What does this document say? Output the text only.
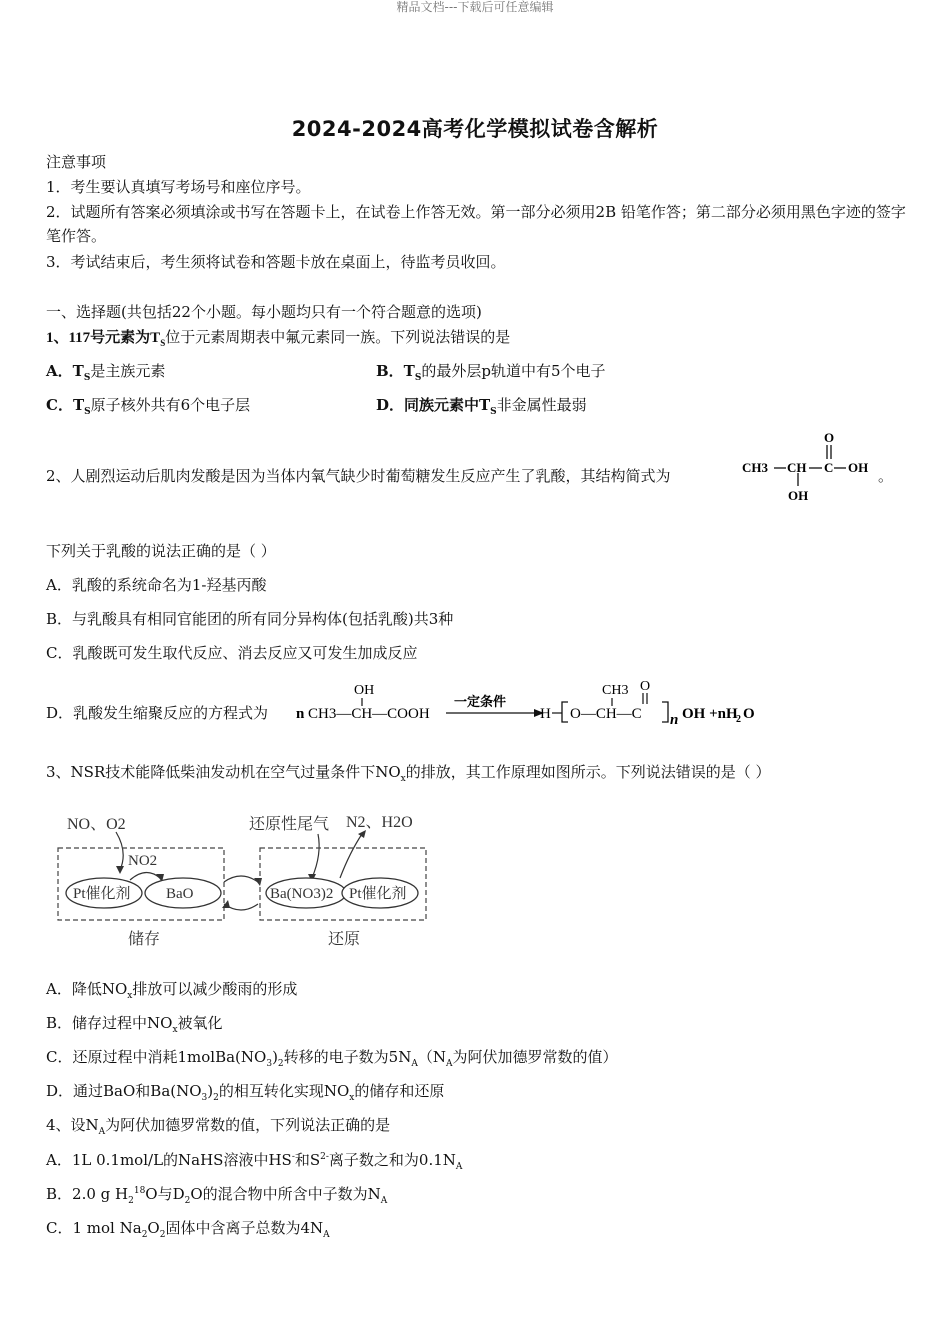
精品文档---下载后可任意编辑
2024-2024高考化学模拟试卷含解析
注意事项
1．考生要认真填写考场号和座位序号。
2．试题所有答案必须填涂或书写在答题卡上，在试卷上作答无效。第一部分必须用2B 铅笔作答；第二部分必须用黑色字迹的签字笔作答。
3．考试结束后，考生须将试卷和答题卡放在桌面上，待监考员收回。
一、选择题(共包括22个小题。每小题均只有一个符合题意的选项)
1、117号元素为$T_S$位于元素周期表中氟元素同一族。下列说法错误的是
A．$T_S$是主族元素	B．$T_S$的最外层p轨道中有5个电子
C．$T_S$原子核外共有6个电子层	D．同族元素中$T_S$非金属性最弱
2、人剧烈运动后肌肉发酸是因为当体内氧气缺少时葡萄糖发生反应产生了乳酸，其结构简式为	CH3 CH C OH
O
OH
。
下列关于乳酸的说法正确的是（ ）
A．乳酸的系统命名为1-羟基丙酸
B．与乳酸具有相同官能团的所有同分异构体(包括乳酸)共3种
C．乳酸既可发生取代反应、消去反应又可发生加成反应
D．乳酸发生缩聚反应的方程式为 n CH3—CH—COOH
OH
一定条件
H O—CH—C
CH3 O
n OH +nH
2 O
3、NSR技术能降低柴油发动机在空气过量条件下$NO_x$的排放，其工作原理如图所示。下列说法错误的是（ ）
NO、O2
NO2
Pt催化剂 BaO
储存
还原性尾气 N2、H2O
Ba(NO3)2 Pt催化剂
还原
A．降低$NO_x$排放可以减少酸雨的形成
B．储存过程中$NO_x$被氧化
C．还原过程中消耗$1molBa(NO_3)_2$转移的电子数为$5N_A(N_A$为阿伏加德罗常数的值）
D．通过BaO和$Ba(NO_3)_2$的相互转化实现$NO_x$的储存和还原
4、设$N_A$为阿伏加德罗常数的值，下列说法正确的是
A．1L 0.1mol/L的NaHS溶液中HS-和$S^{2-}$离子数之和为$0.1N_A$
B．2.0 g $H_2^{18}O$与$D_2O$的混合物中所含中子数为$N_A$
C．1 mol $Na_2O_2$固体中含离子总数为$4N_A$
